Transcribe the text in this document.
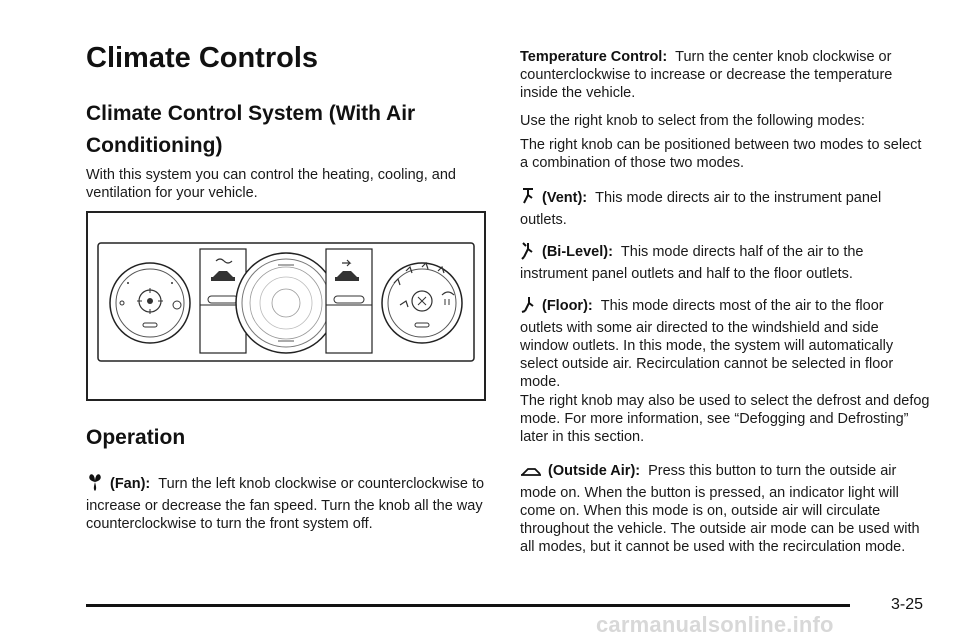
Climate Controls
Climate Control System (With Air Conditioning)

With this system you can control the heating, cooling, and ventilation for your vehicle.

Operation

(Fan): Turn the left knob clockwise or counterclockwise to increase or decrease the fan speed. Turn the knob all the way counterclockwise to turn the front system off.

Temperature Control: Turn the center knob clockwise or counterclockwise to increase or decrease the temperature inside the vehicle.

Use the right knob to select from the following modes:

The right knob can be positioned between two modes to select a combination of those two modes.

(Vent): This mode directs air to the instrument panel outlets.

(Bi-Level): This mode directs half of the air to the instrument panel outlets and half to the floor outlets.

(Floor): This mode directs most of the air to the floor outlets with some air directed to the windshield and side window outlets. In this mode, the system will automatically select outside air. Recirculation cannot be selected in floor mode.

The right knob may also be used to select the defrost and defog mode. For more information, see “Defogging and Defrosting” later in this section.

(Outside Air): Press this button to turn the outside air mode on. When the button is pressed, an indicator light will come on. When this mode is on, outside air will circulate throughout the vehicle. The outside air mode can be used with all modes, but it cannot be used with the recirculation mode.

3-25
carmanualsonline.info
